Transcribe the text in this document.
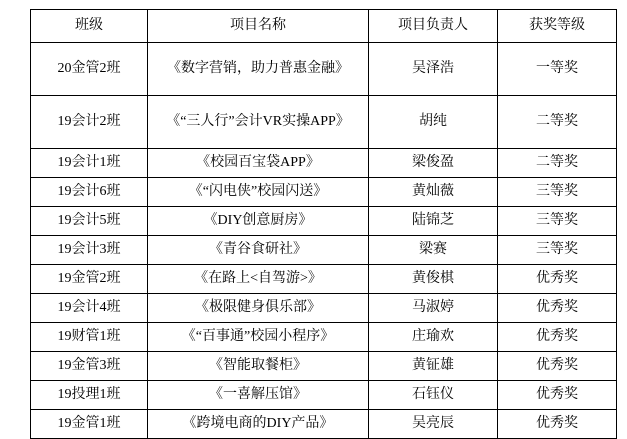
班级	项目名称	项目负责人	获奖等级
20金管2班	《数字营销，助力普惠金融》	吴泽浩	一等奖
19会计2班	《“三人行”会计VR实操APP》	胡纯	二等奖
19会计1班	《校园百宝袋APP》	梁俊盈	二等奖
19会计6班	《“闪电侠”校园闪送》	黄灿薇	三等奖
19会计5班	《DIY创意厨房》	陆锦芝	三等奖
19会计3班	《青谷食研社》	梁赛	三等奖
19金管2班	《在路上<自驾游>》	黄俊棋	优秀奖
19会计4班	《极限健身俱乐部》	马淑婷	优秀奖
19财管1班	《“百事通”校园小程序》	庄瑜欢	优秀奖
19金管3班	《智能取餐柜》	黄钲雄	优秀奖
19投理1班	《一喜解压馆》	石钰仪	优秀奖
19金管1班	《跨境电商的DIY产品》	吴亮辰	优秀奖
